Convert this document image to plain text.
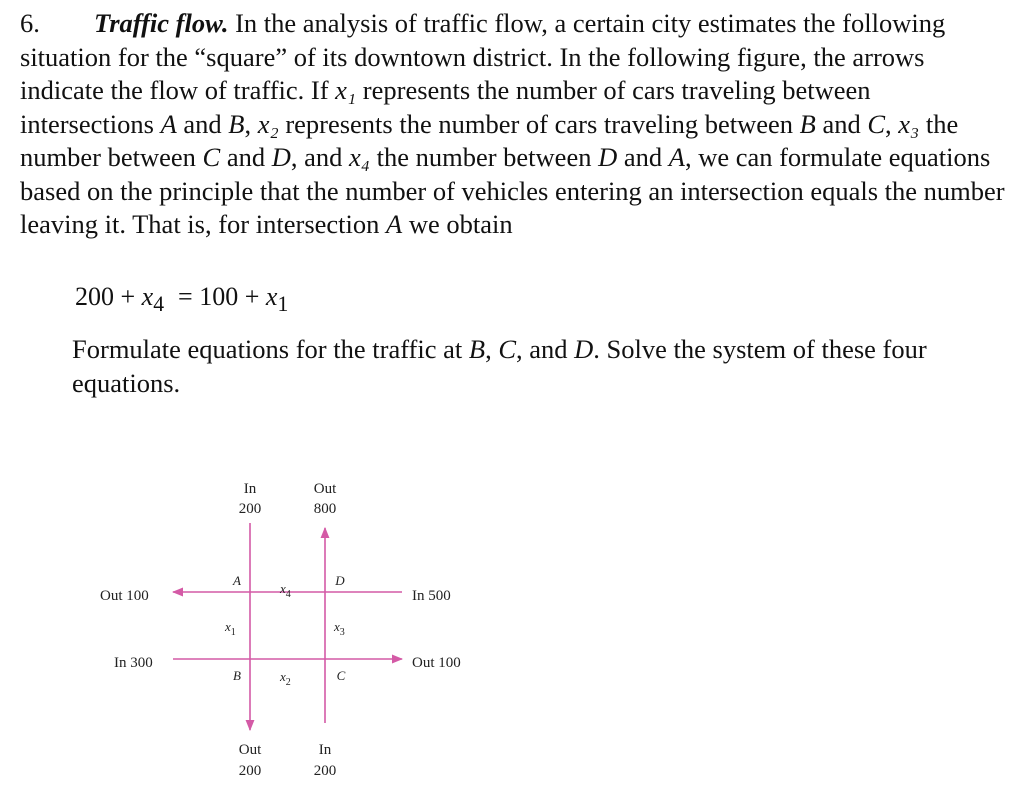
6. Traffic flow. In the analysis of traffic flow, a certain city estimates the following situation for the “square” of its downtown district. In the following figure, the arrows indicate the flow of traffic. If x₁ represents the number of cars traveling between intersections A and B, x₂ represents the number of cars traveling between B and C, x₃ the number between C and D, and x₄ the number between D and A, we can formulate equations based on the principle that the number of vehicles entering an intersection equals the number leaving it. That is, for intersection A we obtain

$200 + x_4 = 100 + x_1$

Formulate equations for the traffic at B, C, and D. Solve the system of these four equations.

In
200
Out
800
Out
200
In
200
Out 100
In 300
In 500
Out 100
A	D
B	C
$x_4$
$x_1$	$x_3$
$x_2$
